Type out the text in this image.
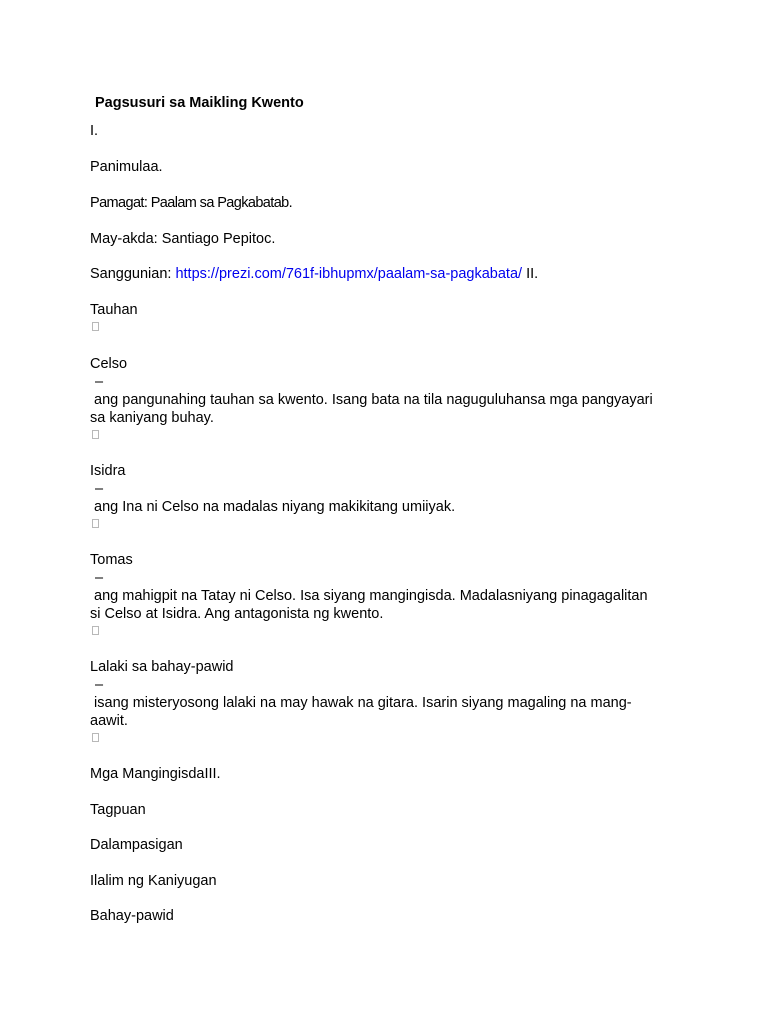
Pagsusuri sa Maikling Kwento
I.
Panimulaa.
Pamagat: Paalam sa Pagkabatab.
May-akda: Santiago Pepitoc.
Sanggunian: https://prezi.com/761f-ibhupmx/paalam-sa-pagkabata/ II.
Tauhan
Celso
–
ang pangunahing tauhan sa kwento. Isang bata na tila naguguluhansa mga pangyayari
sa kaniyang buhay.
Isidra
–
ang Ina ni Celso na madalas niyang makikitang umiiyak.
Tomas
–
ang mahigpit na Tatay ni Celso. Isa siyang mangingisda. Madalasniyang pinagagalitan
si Celso at Isidra. Ang antagonista ng kwento.
Lalaki sa bahay-pawid
–
isang misteryosong lalaki na may hawak na gitara. Isarin siyang magaling na mang-
aawit.
Mga MangingisdaIII.
Tagpuan
Dalampasigan
Ilalim ng Kaniyugan
Bahay-pawid
